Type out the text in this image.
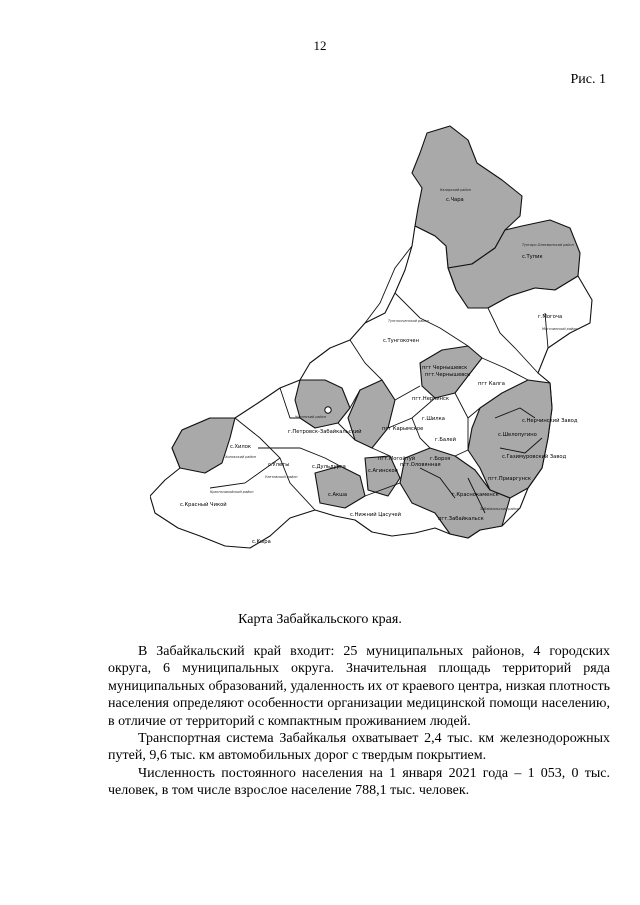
12
Рис. 1
с.Чара
с.Тупик
г.Могоча
с.Тунгокочен
пгт Чернышевск
пгт.Нерчинск
пгт Калга
с.Хилок
с.Улеты
с.Красный Чикой
с.Акша
с.Кыра
г.Краснокаменск
пгт.Забайкальск
пгт.Приаргунск
с.Нерчинский Завод
с.Шелопугино
с.Газимуровский Завод
г.Балей
г.Борзя
с.Агинское
с.Дульдурга
пгт.Могойтуй
г.Петровск-Забайкальский	пгт Карымское
г.Шилка
пгт.Оловянная
с.Нижний Цасучей
пгт.Чернышевск
Каларский район
Тунгиро-Олекминский район
Могочинский район
Тунгокоченский район
Хилокский район
Читинский район
Красночикойский район
Улетовский район
Забайкальский район
Карта Забайкальского края.

В Забайкальский край входит: 25 муниципальных районов, 4 городских округа, 6 муниципальных округа. Значительная площадь территорий ряда муниципальных образований, удаленность их от краевого центра, низкая плотность населения определяют особенности организации медицинской помощи населению, в отличие от территорий с компактным проживанием людей.

Транспортная система Забайкалья охватывает 2,4 тыс. км железнодорожных путей, 9,6 тыс. км автомобильных дорог с твердым покрытием.

Численность постоянного населения на 1 января 2021 года – 1 053, 0 тыс. человек, в том числе взрослое население 788,1 тыс. человек.
